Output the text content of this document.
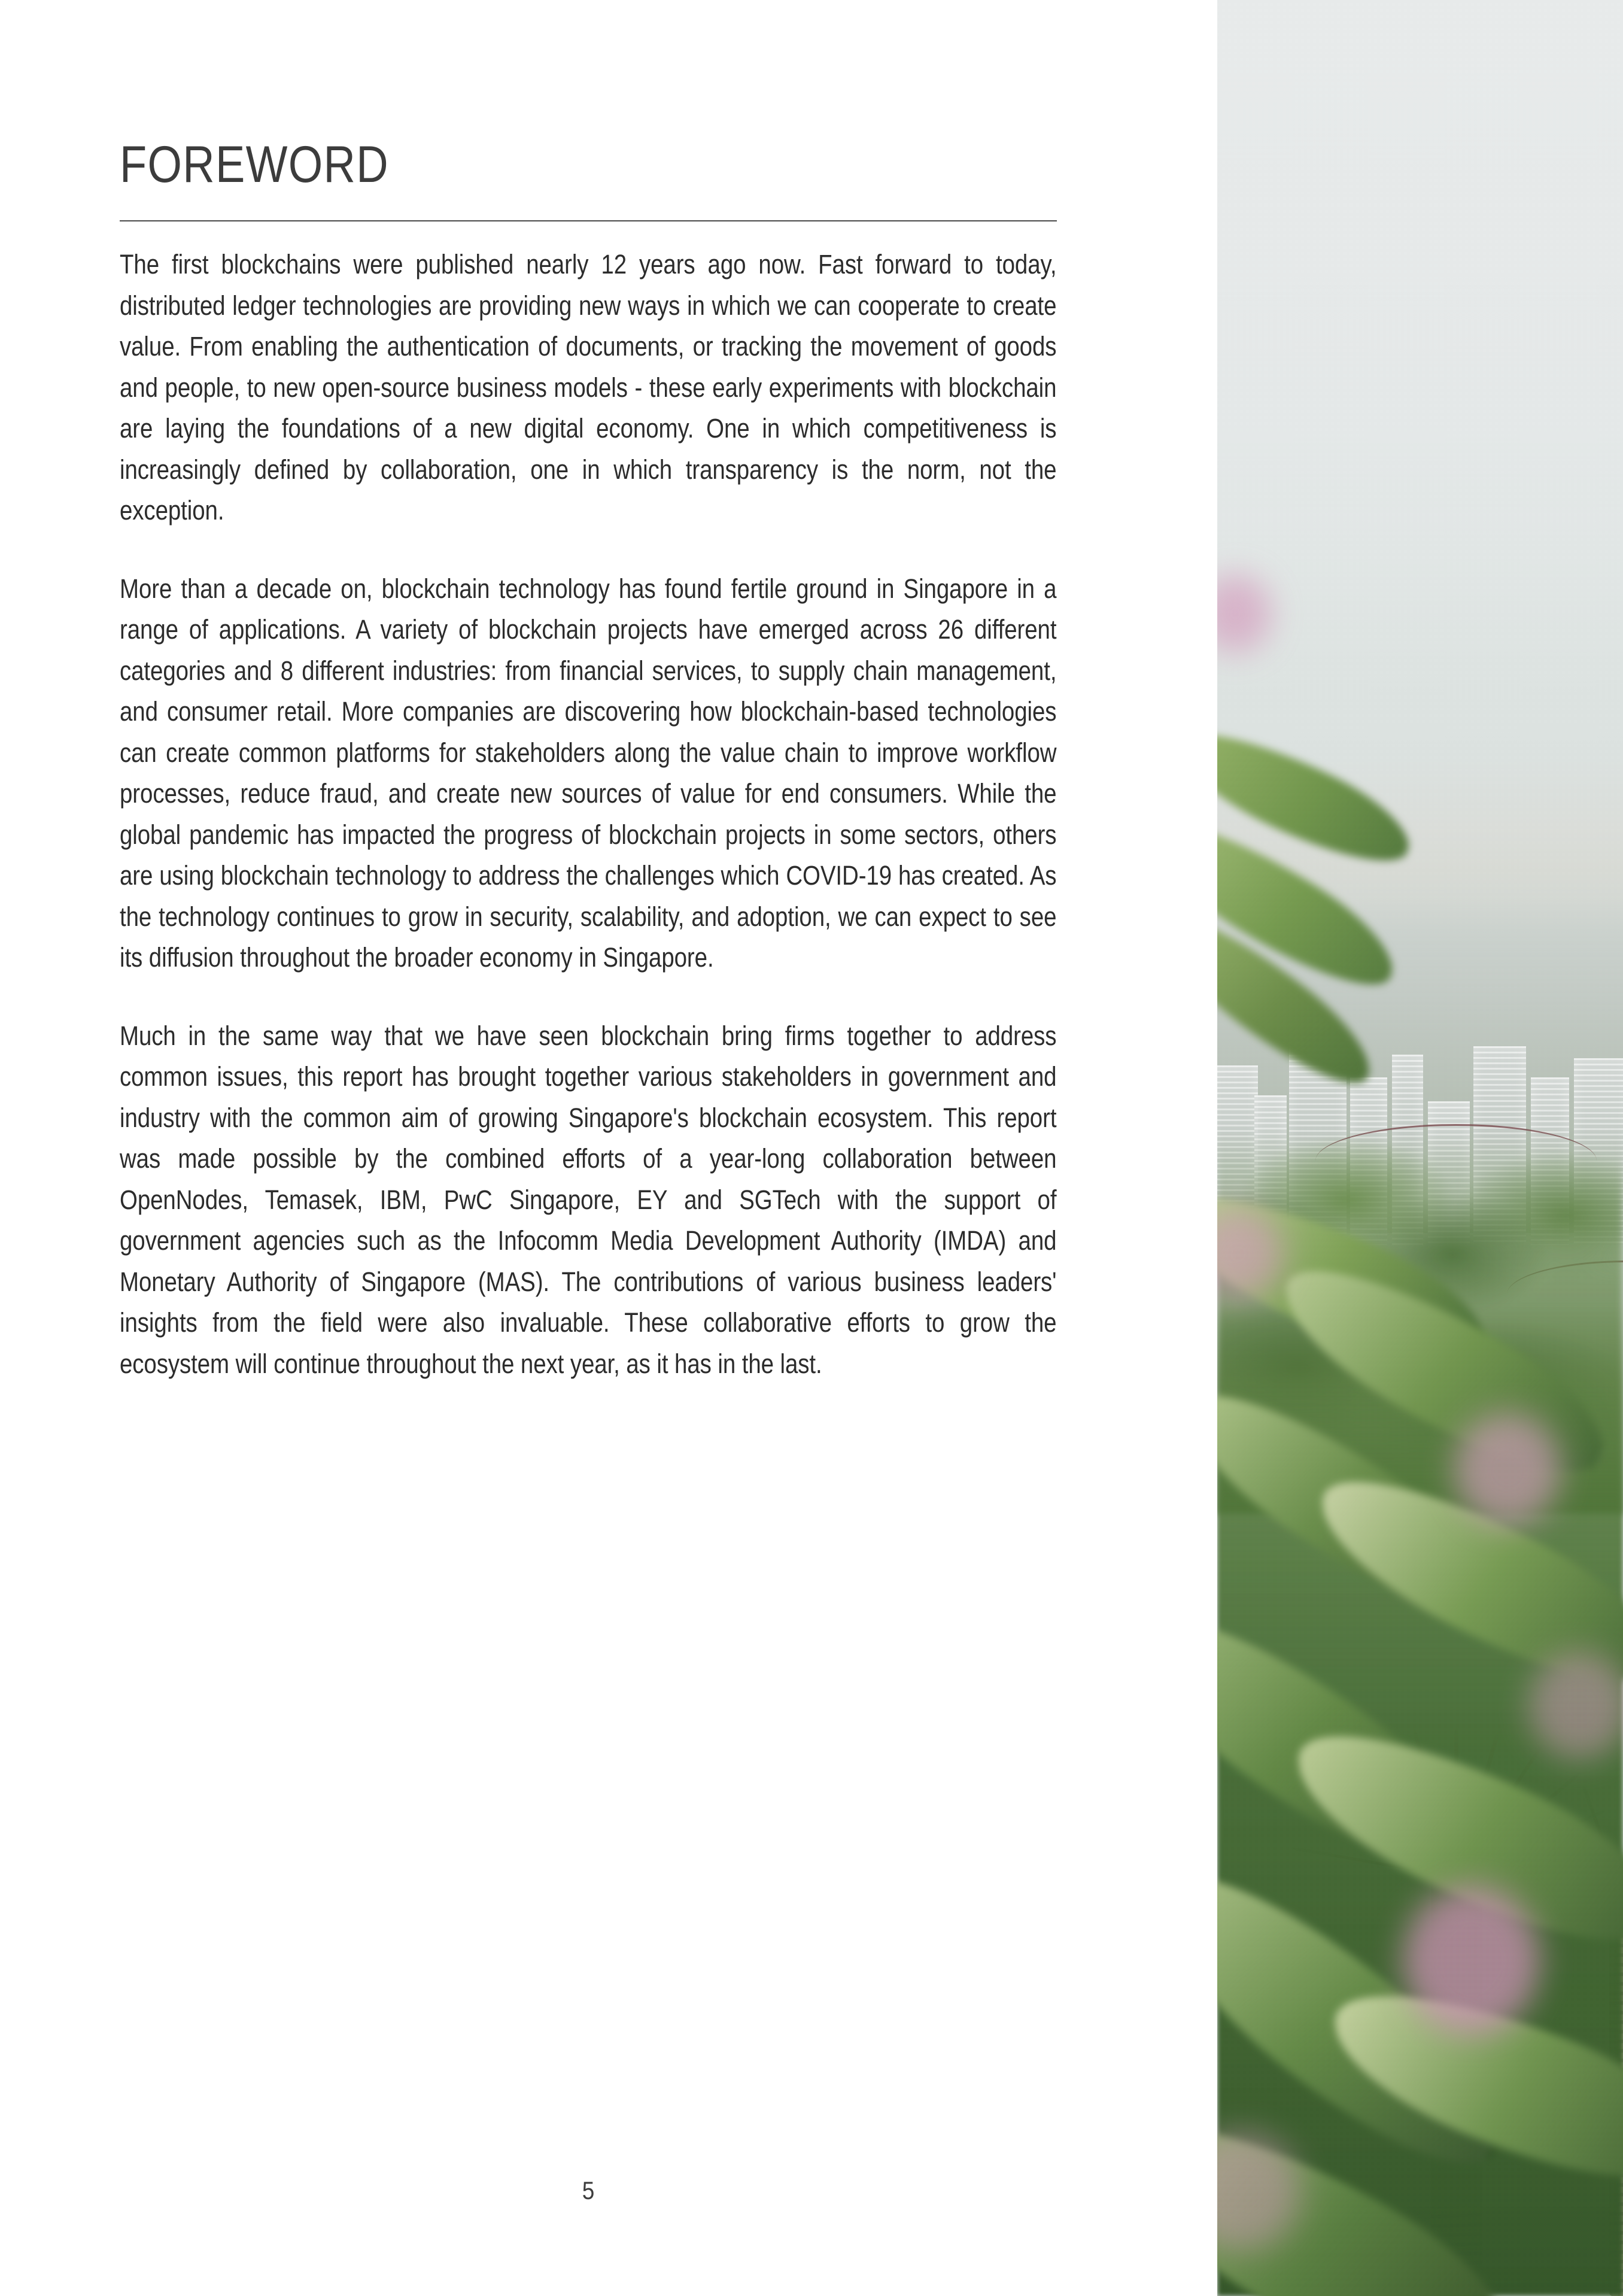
FOREWORD

The first blockchains were published nearly 12 years ago now. Fast forward to today, distributed ledger technologies are providing new ways in which we can cooperate to create value. From enabling the authentication of documents, or tracking the movement of goods and people, to new open-source business models - these early experiments with blockchain are laying the foundations of a new digital economy. One in which competitiveness is increasingly defined by collaboration, one in which transparency is the norm, not the exception.

More than a decade on, blockchain technology has found fertile ground in Singapore in a range of applications. A variety of blockchain projects have emerged across 26 different categories and 8 different industries: from financial services, to supply chain management, and consumer retail. More companies are discovering how blockchain-based technologies can create common platforms for stakeholders along the value chain to improve workflow processes, reduce fraud, and create new sources of value for end consumers. While the global pandemic has impacted the progress of blockchain projects in some sectors, others are using blockchain technology to address the challenges which COVID-19 has created. As the technology continues to grow in security, scalability, and adoption, we can expect to see its diffusion throughout the broader economy in Singapore.

Much in the same way that we have seen blockchain bring firms together to address common issues, this report has brought together various stakeholders in government and industry with the common aim of growing Singapore's blockchain ecosystem. This report was made possible by the combined efforts of a year-long collaboration between OpenNodes, Temasek, IBM, PwC Singapore, EY and SGTech with the support of government agencies such as the Infocomm Media Development Authority (IMDA) and Monetary Authority of Singapore (MAS). The contributions of various business leaders' insights from the field were also invaluable. These collaborative efforts to grow the ecosystem will continue throughout the next year, as it has in the last.

5
